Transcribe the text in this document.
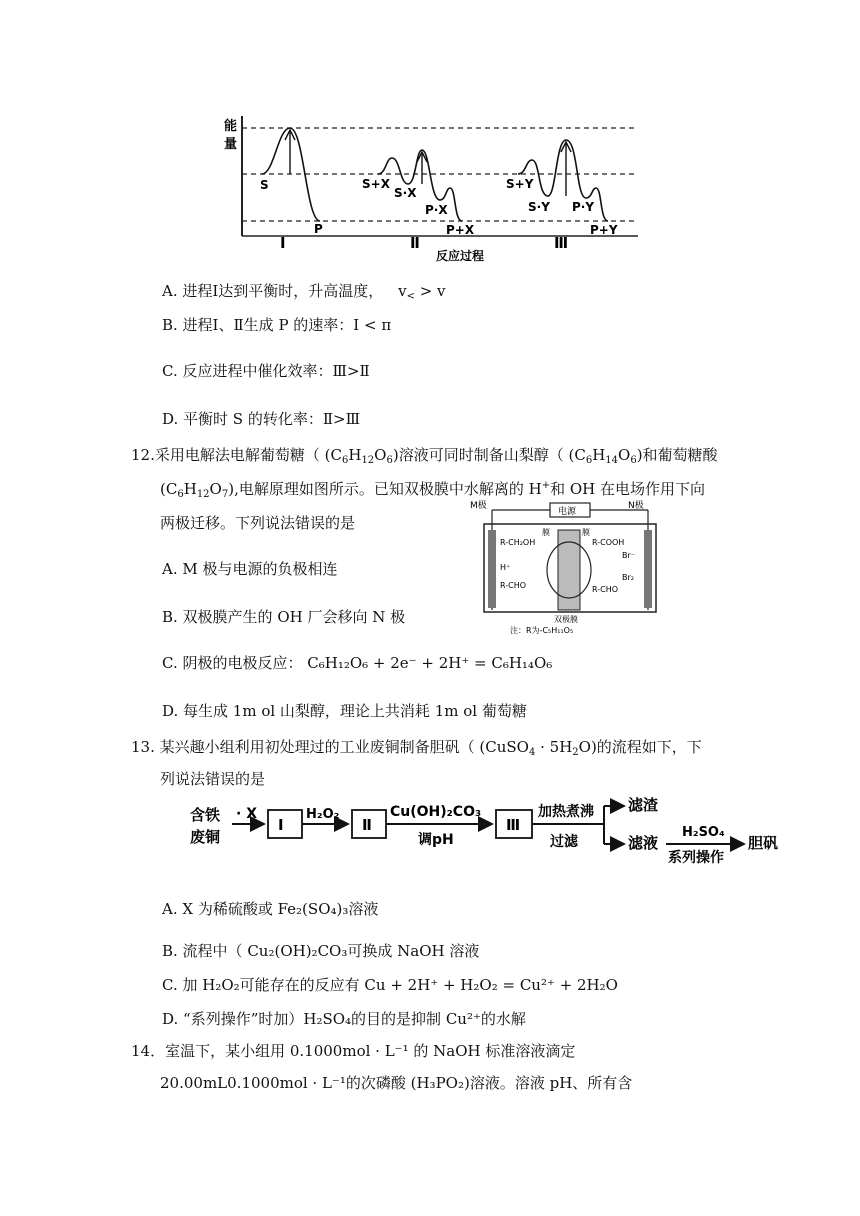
能
量
S
P
S+X
S·X
P·X
P+X
S+Y
S·Y P·Y
P+Y
Ⅰ	Ⅱ	Ⅲ
反应过程
A. 进程Ⅰ达到平衡时，升高温度， $v_< > v$
B. 进程Ⅰ、Ⅱ生成 P 的速率：Ⅰ < π
C. 反应进程中催化效率：Ⅲ>Ⅱ
D. 平衡时 S 的转化率：Ⅱ>Ⅲ
12.采用电解法电解葡萄糖（ $(C_6H_{12}O_6)$溶液可同时制备山梨醇（ $(C_6H_{14}O_6)$和葡萄糖酸
$(C_6H_{12}O_7)$,电解原理如图所示。已知双极膜中水解离的 H+和 OH 在电场作用下向
两极迁移。下列说法错误的是
M极	N极
电源
膜	膜
R-CH₂OH
H⁺
R-CHO
R-COOH
R-CHO
Br⁻
Br₂
双极膜
注：R为-C₅H₁₁O₅
A. M 极与电源的负极相连
B. 双极膜产生的 OH 厂会移向 N 极
C. 阴极的电极反应： C₆H₁₂O₆ + 2e⁻ + 2H⁺ = C₆H₁₄O₆
D. 每生成 1m ol 山梨醇，理论上共消耗 1m ol 葡萄糖
13. 某兴趣小组利用初处理过的工业废铜制备胆矾（ (CuSO$_4$ · $5H_2O$)的流程如下，下
列说法错误的是
含铁
废铜
· X
Ⅰ
H₂O₂
Ⅱ
Cu(OH)₂CO₃
调pH
Ⅲ
加热煮沸
过滤
滤渣
滤液
H₂SO₄
系列操作
胆矾
A. X 为稀硫酸或 Fe₂(SO₄)₃溶液
B. 流程中（ Cu₂(OH)₂CO₃可换成 NaOH 溶液
C. 加 H₂O₂可能存在的反应有 Cu + 2H⁺ + H₂O₂ = Cu²⁺ + 2H₂O
D. “系列操作”时加）H₂SO₄的目的是抑制 Cu²⁺的水解
14．室温下，某小组用 0.1000mol · L⁻¹ 的 NaOH 标准溶液滴定
20.00mL0.1000mol · L⁻¹的次磷酸 (H₃PO₂)溶液。溶液 pH、所有含
